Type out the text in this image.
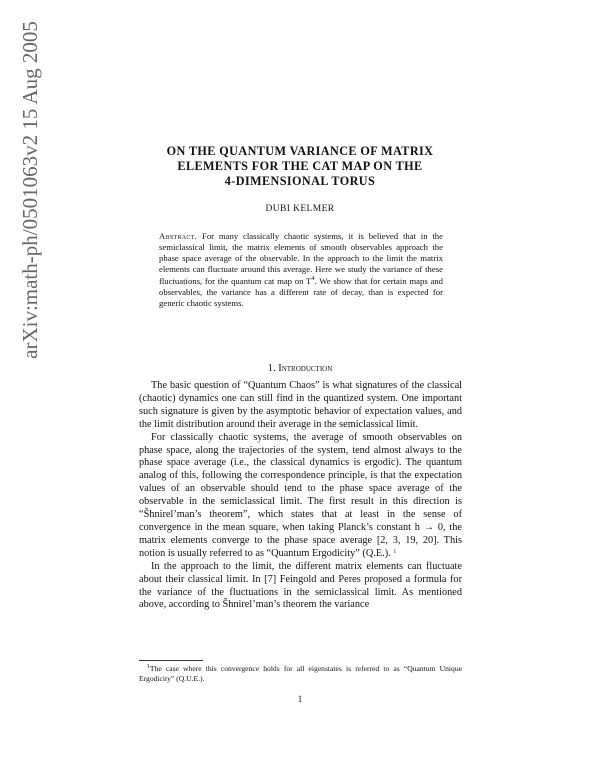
arXiv:math-ph/0501063v2 15 Aug 2005	ON THE QUANTUM VARIANCE OF MATRIX
ELEMENTS FOR THE CAT MAP ON THE
4-DIMENSIONAL TORUS
DUBI KELMER
Abstract. For many classically chaotic systems, it is believed that in the semiclassical limit, the matrix elements of smooth observables approach the phase space average of the observable. In the approach to the limit the matrix elements can fluctuate around this average. Here we study the variance of these fluctuations, for the quantum cat map on $T^4$. We show that for certain maps and observables, the variance has a different rate of decay, than is expected for generic chaotic systems.
1. Introduction

The basic question of “Quantum Chaos” is what signatures of the classical (chaotic) dynamics one can still find in the quantized system. One important such signature is given by the asymptotic behavior of expectation values, and the limit distribution around their average in the semiclassical limit.

For classically chaotic systems, the average of smooth observables on phase space, along the trajectories of the system, tend almost always to the phase space average (i.e., the classical dynamics is ergodic). The quantum analog of this, following the correspondence principle, is that the expectation values of an observable should tend to the phase space average of the observable in the semiclassical limit. The first result in this direction is “Šhnirel’man’s theorem”, which states that at least in the sense of convergence in the mean square, when taking Planck’s constant h → 0, the matrix elements converge to the phase space average [2, 3, 19, 20]. This notion is usually referred to as “Quantum Ergodicity” (Q.E.). $^1$

In the approach to the limit, the different matrix elements can fluctuate about their classical limit. In [7] Feingold and Peres proposed a formula for the variance of the fluctuations in the semiclassical limit. As mentioned above, according to Šhnirel’man’s theorem the variance

$^1$The case where this convergence holds for all eigenstates is referred to as “Quantum Unique Ergodicity” (Q.U.E.).
1
